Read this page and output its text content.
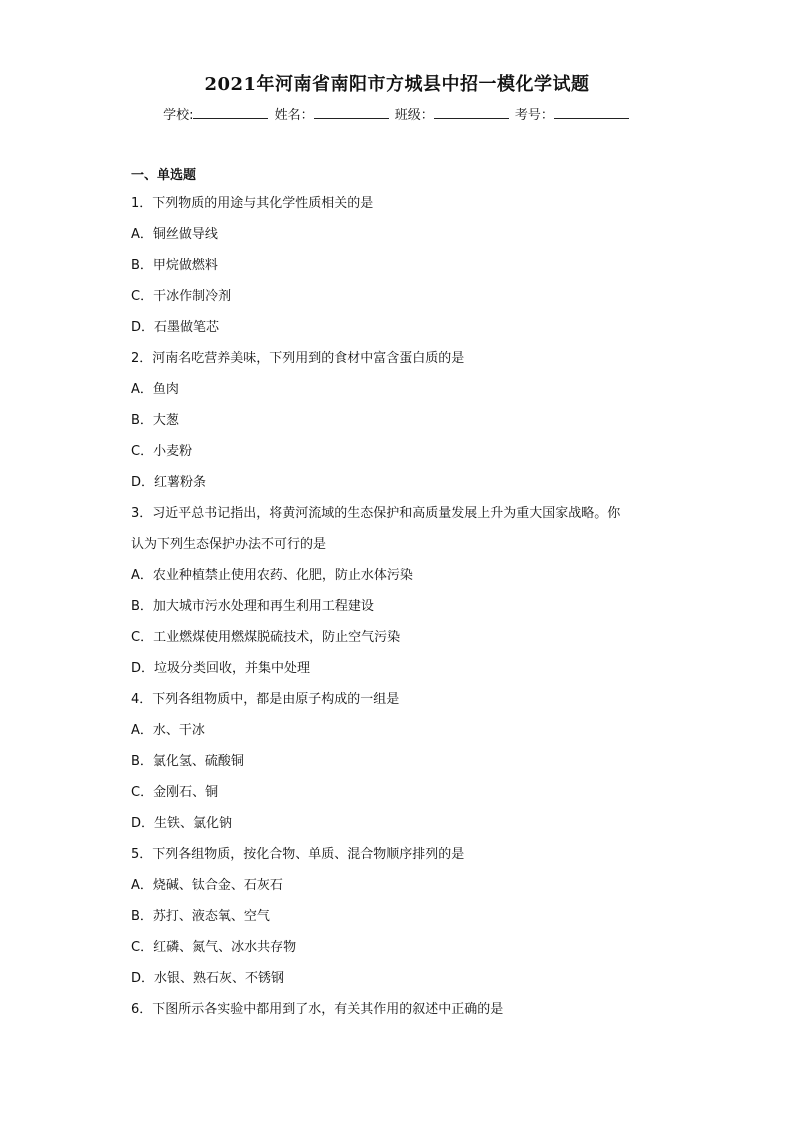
2021年河南省南阳市方城县中招一模化学试题
学校:	姓名：	班级：	考号：
一、单选题
1．下列物质的用途与其化学性质相关的是
A．铜丝做导线
B．甲烷做燃料
C．干冰作制冷剂
D．石墨做笔芯
2．河南名吃营养美味，下列用到的食材中富含蛋白质的是
A．鱼肉
B．大葱
C．小麦粉
D．红薯粉条
3．习近平总书记指出，将黄河流域的生态保护和高质量发展上升为重大国家战略。你
认为下列生态保护办法不可行的是
A．农业种植禁止使用农药、化肥，防止水体污染
B．加大城市污水处理和再生利用工程建设
C．工业燃煤使用燃煤脱硫技术，防止空气污染
D．垃圾分类回收，并集中处理
4．下列各组物质中，都是由原子构成的一组是
A．水、干冰
B．氯化氢、硫酸铜
C．金刚石、铜
D．生铁、氯化钠
5．下列各组物质，按化合物、单质、混合物顺序排列的是
A．烧碱、钛合金、石灰石
B．苏打、液态氧、空气
C．红磷、氮气、冰水共存物
D．水银、熟石灰、不锈钢
6．下图所示各实验中都用到了水，有关其作用的叙述中正确的是
